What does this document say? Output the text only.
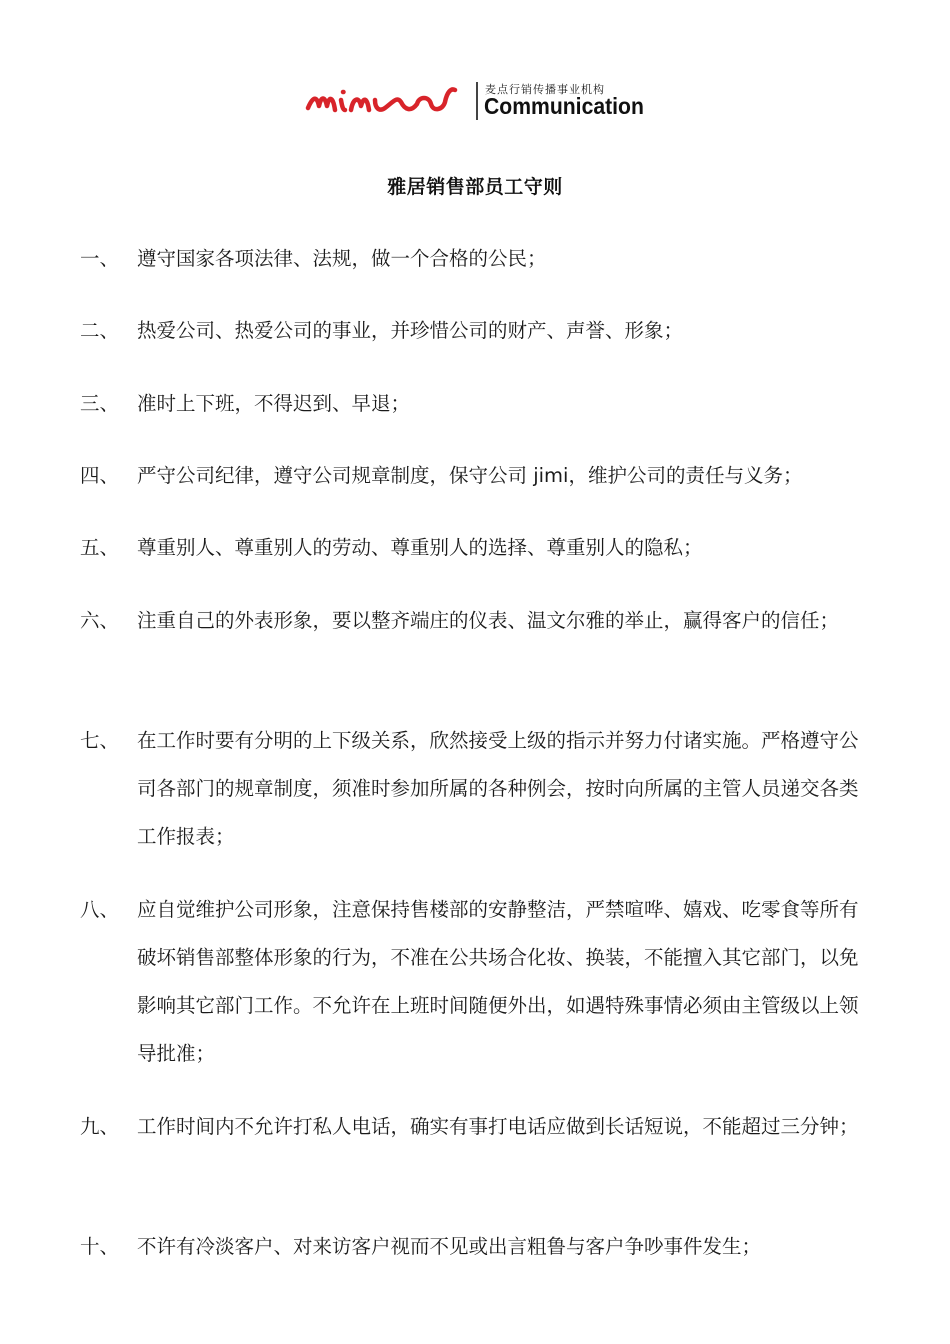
麦点行销传播事业机构
Communication
雅居销售部员工守则
一、 遵守国家各项法律、法规，做一个合格的公民；
二、 热爱公司、热爱公司的事业，并珍惜公司的财产、声誉、形象；
三、 准时上下班，不得迟到、早退；
四、 严守公司纪律，遵守公司规章制度，保守公司 jimi，维护公司的责任与义务；
五、 尊重别人、尊重别人的劳动、尊重别人的选择、尊重别人的隐私；
六、 注重自己的外表形象，要以整齐端庄的仪表、温文尔雅的举止，赢得客户的信任；
七、 在工作时要有分明的上下级关系，欣然接受上级的指示并努力付诸实施。严格遵守公司各部门的规章制度，须准时参加所属的各种例会，按时向所属的主管人员递交各类工作报表；
八、 应自觉维护公司形象，注意保持售楼部的安静整洁，严禁喧哗、嬉戏、吃零食等所有破坏销售部整体形象的行为，不准在公共场合化妆、换装，不能擅入其它部门，以免影响其它部门工作。不允许在上班时间随便外出，如遇特殊事情必须由主管级以上领导批准；
九、 工作时间内不允许打私人电话，确实有事打电话应做到长话短说，不能超过三分钟；
十、 不许有冷淡客户、对来访客户视而不见或出言粗鲁与客户争吵事件发生；
